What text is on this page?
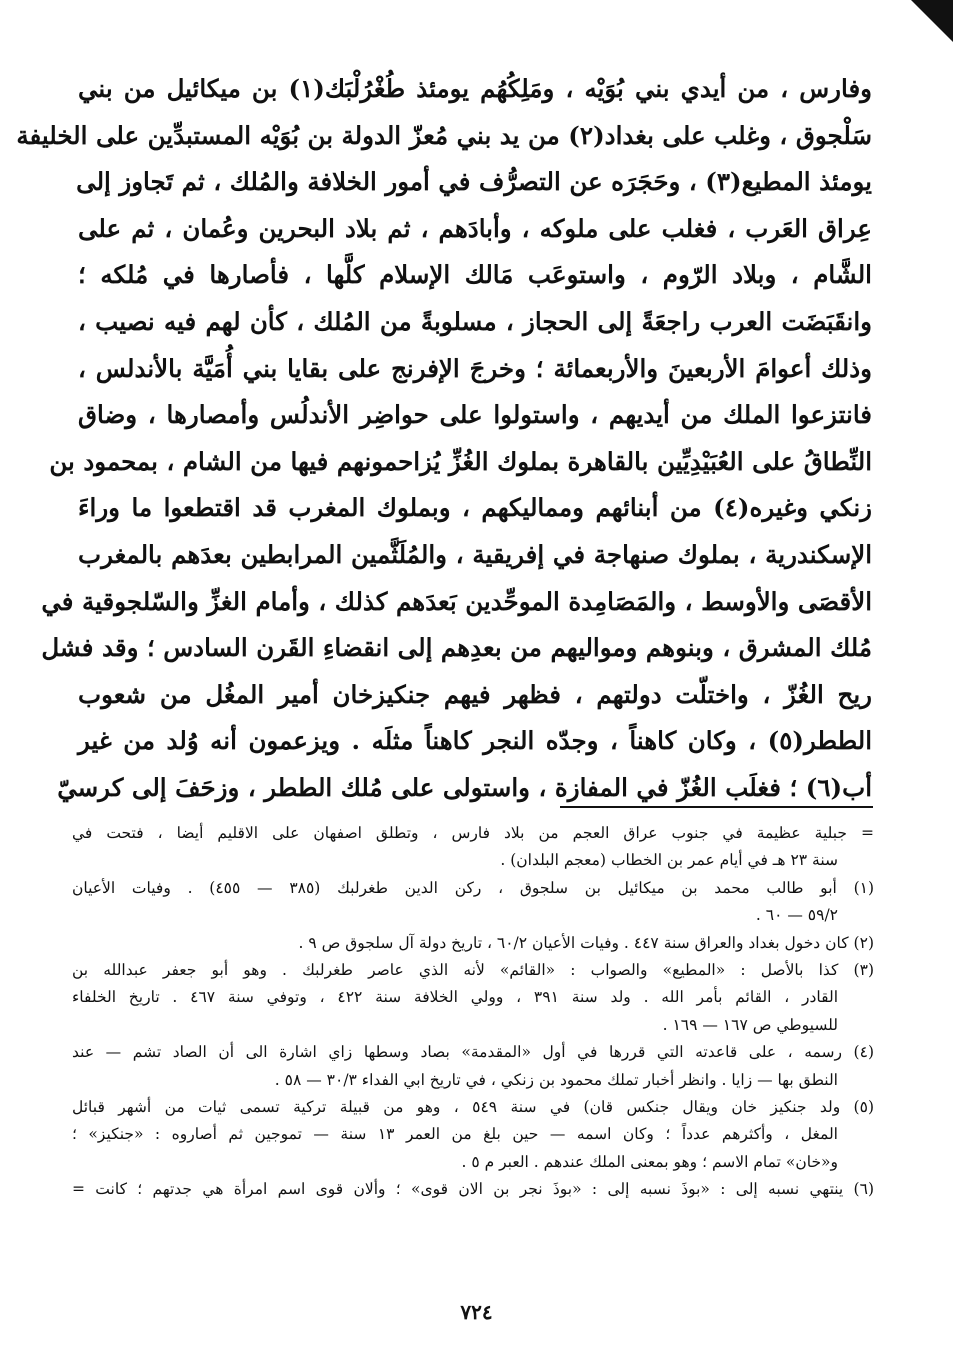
وفارس ، من أيدي بني بُوَيْه ، ومَلِكُهُم يومئذ طُغْرُلْبَك(١) بن ميكائيل من بني
سَلْجوق ، وغلب على بغداد(٢) من يد بني مُعزّ الدولة بن بُوَيْه المستبدِّين على الخليفة
يومئذ المطيع(٣) ، وحَجَرَه عن التصرُّف في أمور الخلافة والمُلك ، ثم تَجاوز إلى
عِراق العَرب ، فغلب على ملوكه ، وأبادَهم ، ثم بلاد البحرين وعُمان ، ثم على
الشَّام ، وبلاد الرّوم ، واستوعَب مَالك الإسلام كلَّها ، فأصارها في مُلكه ؛
وانقَبَضَت العرب راجعَةً إلى الحجاز ، مسلوبةً من المُلك ، كأن لهم فيه نصيب ،
وذلك أعوامَ الأربعينَ والأربعمائة ؛ وخرجَ الإفرنج على بقايا بني أُمَيَّة بالأندلس ،
فانتزعوا الملك من أيديهم ، واستولوا على حواضِر الأندلُس وأمصارها ، وضاق
النِّطاقُ على العُبَيْدِيِّين بالقاهرة بملوك الغُزِّ يُزاحمونهم فيها من الشام ، بمحمود بن
زنكي وغيره(٤) من أبنائهم ومماليكهم ، وبملوك المغرب قد اقتطعوا ما وراءَ
الإسكندرية ، بملوك صنهاجة في إفريقية ، والمُلَثَّمين المرابطين بعدَهم بالمغرب
الأقصَى والأوسط ، والمَصَامِدة الموحِّدين بَعدَهم كذلك ، وأمام الغزِّ والسّلجوقية في
مُلك المشرق ، وبنوهم ومواليهم من بعدِهم إلى انقضاءِ القَرن السادس ؛ وقد فشل
ريح الغُزّ ، واختلّت دولتهم ، فظهر فيهم جنكيزخان أمير المغُل من شعوب
الططر(٥) ، وكان كاهناً ، وجدّه النجر كاهناً مثلَه . ويزعمون أنه وُلد من غير
أب(٦) ؛ فغلَب الغُزّ في المفازة ، واستولى على مُلك الططر ، وزحَفَ إلى كرسيّ
= جبلية عظيمة في جنوب عراق العجم من بلاد فارس ، وتطلق اصفهان على الاقليم أيضا ، فتحت في
سنة ٢٣ هـ في أيام عمر بن الخطاب (معجم البلدان) .
(١) أبو طالب محمد بن ميكائيل بن سلجوق ، ركن الدين طغرلبك (٣٨٥ — ٤٥٥) . وفيات الأعيان
٥٩/٢ — ٦٠ .
(٢) كان دخول بغداد والعراق سنة ٤٤٧ . وفيات الأعيان ٦٠/٢ ، تاريخ دولة آل سلجوق ص ٩ .
(٣) كذا بالأصل : «المطيع» والصواب : «القائم» لأنه الذي عاصر طغرلبك . وهو أبو جعفر عبدالله بن
القادر ، القائم بأمر الله . ولد سنة ٣٩١ ، وولي الخلافة سنة ٤٢٢ ، وتوفي سنة ٤٦٧ . تاريخ الخلفاء
للسيوطي ص ١٦٧ — ١٦٩ .
(٤) رسمه ، على قاعدته التي قررها في أول «المقدمة» بصاد وسطها زاي اشارة الى أن الصاد تشم — عند
النطق بها — زايا . وانظر أخبار تملك محمود بن زنكي ، في تاريخ ابي الفداء ٣٠/٣ — ٥٨ .
(٥) ولد جنكيز خان ويقال جنكس قان) في سنة ٥٤٩ ، وهو من قبيلة تركية تسمى ثيات من أشهر قبائل
المغل ، وأكثرهم عدداً ؛ وكان اسمه — حين بلغ من العمر ١٣ سنة — تموجين ثم أصاروه : «جنكيز» ؛
و«خان» تمام الاسم ؛ وهو بمعنى الملك عندهم . العبر م ٥ .
(٦) ينتهي نسبه إلى : «بوذَ نسبه إلى : «بوذَ نجر بن الان قوى» ؛ وألان قوى اسم امرأة هي جدتهم ؛ كانت =
٧٢٤
